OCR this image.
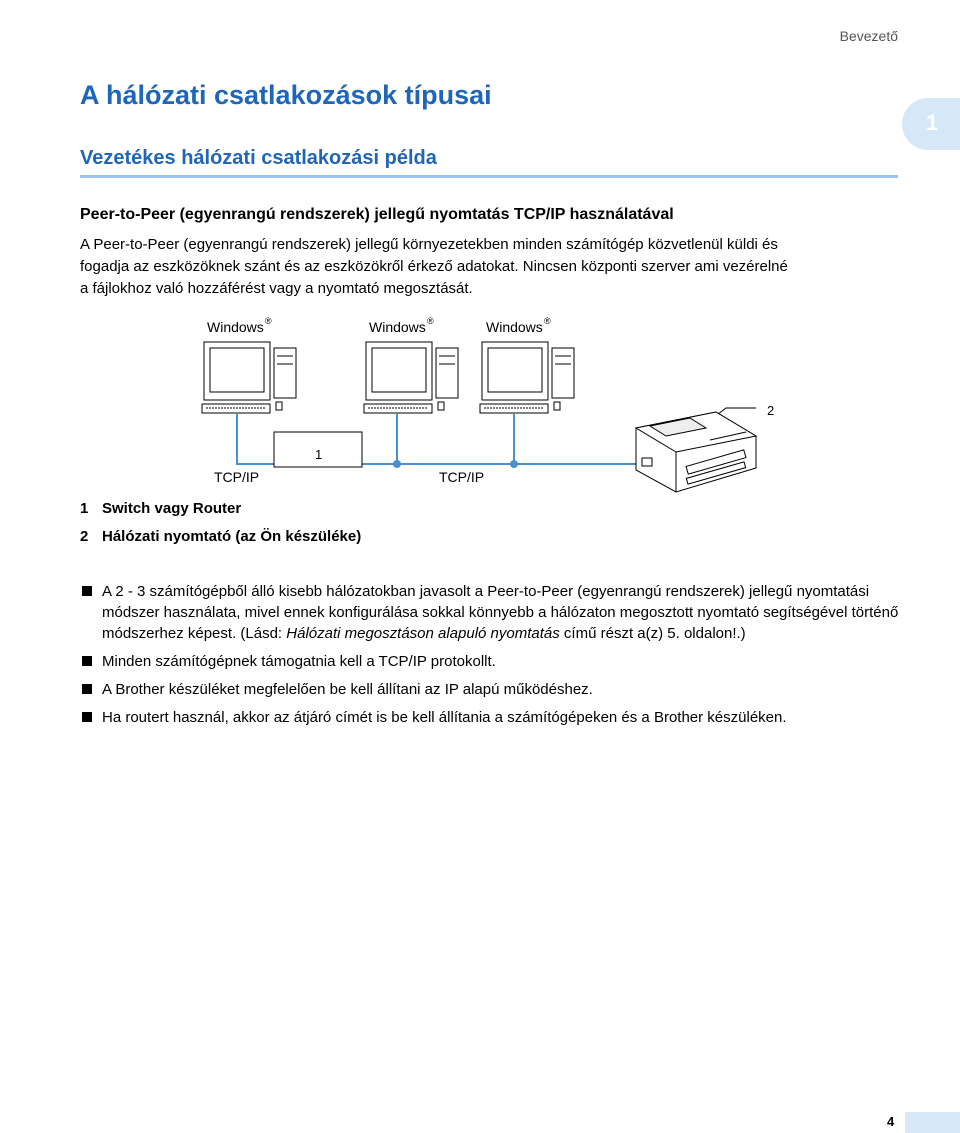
Bevezető
A hálózati csatlakozások típusai
1
Vezetékes hálózati csatlakozási példa
Peer-to-Peer (egyenrangú rendszerek) jellegű nyomtatás TCP/IP használatával
A Peer-to-Peer (egyenrangú rendszerek) jellegű környezetekben minden számítógép közvetlenül küldi és
fogadja az eszközöknek szánt és az eszközökről érkező adatokat. Nincsen központi szerver ami vezérelné
a fájlokhoz való hozzáférést vagy a nyomtató megosztását.
Windows ®	Windows ®	Windows ®
1
TCP/IP	TCP/IP
2
1 Switch vagy Router
2 Hálózati nyomtató (az Ön készüléke)
A 2 - 3 számítógépből álló kisebb hálózatokban javasolt a Peer-to-Peer (egyenrangú rendszerek) jellegű nyomtatási módszer használata, mivel ennek konfigurálása sokkal könnyebb a hálózaton megosztott nyomtató segítségével történő módszerhez képest. (Lásd: Hálózati megosztáson alapuló nyomtatás című részt a(z) 5. oldalon!.)
Minden számítógépnek támogatnia kell a TCP/IP protokollt.
A Brother készüléket megfelelően be kell állítani az IP alapú működéshez.
Ha routert használ, akkor az átjáró címét is be kell állítania a számítógépeken és a Brother készüléken.
4
